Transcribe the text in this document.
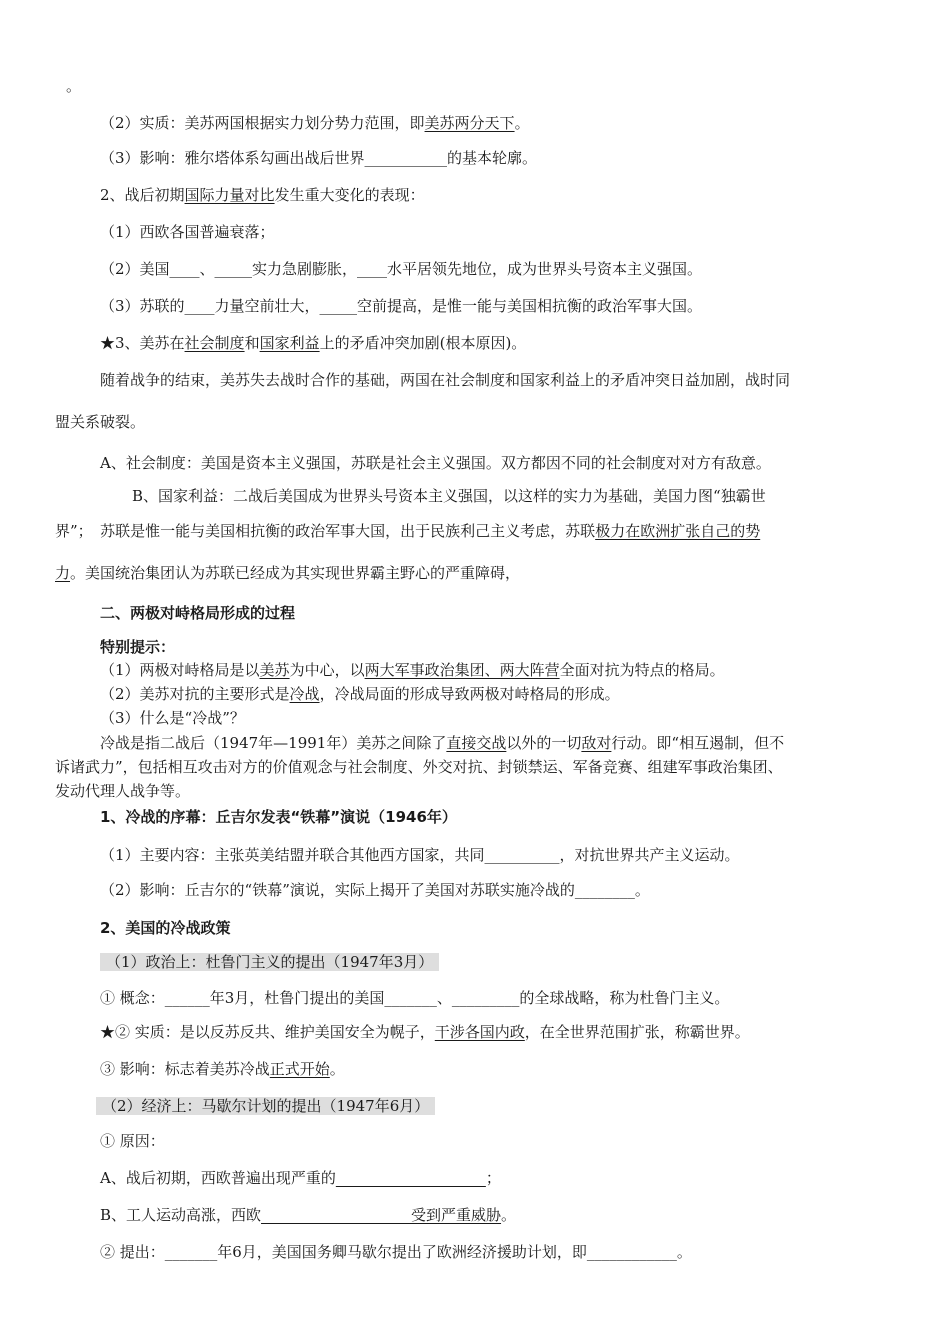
。
（2）实质：美苏两国根据实力划分势力范围，即美苏两分天下。
（3）影响：雅尔塔体系勾画出战后世界___________的基本轮廓。
2、战后初期国际力量对比发生重大变化的表现：
（1）西欧各国普遍衰落；
（2）美国____、_____实力急剧膨胀，____水平居领先地位，成为世界头号资本主义强国。
（3）苏联的____力量空前壮大，_____空前提高，是惟一能与美国相抗衡的政治军事大国。
★3、美苏在社会制度和国家利益上的矛盾冲突加剧(根本原因)。
随着战争的结束，美苏失去战时合作的基础，两国在社会制度和国家利益上的矛盾冲突日益加剧，战时同
盟关系破裂。
A、社会制度：美国是资本主义强国，苏联是社会主义强国。双方都因不同的社会制度对对方有敌意。
B、国家利益：二战后美国成为世界头号资本主义强国，以这样的实力为基础，美国力图“独霸世
界”；　苏联是惟一能与美国相抗衡的政治军事大国，出于民族利己主义考虑，苏联极力在欧洲扩张自己的势
力。美国统治集团认为苏联已经成为其实现世界霸主野心的严重障碍，
二、两极对峙格局形成的过程
特别提示：
（1）两极对峙格局是以美苏为中心，以两大军事政治集团、两大阵营全面对抗为特点的格局。
（2）美苏对抗的主要形式是冷战，冷战局面的形成导致两极对峙格局的形成。
（3）什么是“冷战”？
冷战是指二战后（1947年—1991年）美苏之间除了直接交战以外的一切敌对行动。即“相互遏制，但不
诉诸武力”，包括相互攻击对方的价值观念与社会制度、外交对抗、封锁禁运、军备竞赛、组建军事政治集团、
发动代理人战争等。
1、冷战的序幕：丘吉尔发表“铁幕”演说（1946年）
（1）主要内容：主张英美结盟并联合其他西方国家，共同__________，对抗世界共产主义运动。
（2）影响：丘吉尔的“铁幕”演说，实际上揭开了美国对苏联实施冷战的________。
2、美国的冷战政策
（1）政治上：杜鲁门主义的提出（1947年3月）
① 概念：______年3月，杜鲁门提出的美国_______、_________的全球战略，称为杜鲁门主义。
★② 实质：是以反苏反共、维护美国安全为幌子，干涉各国内政，在全世界范围扩张，称霸世界。
③ 影响：标志着美苏冷战正式开始。
（2）经济上：马歇尔计划的提出（1947年6月）
① 原因：
A、战后初期，西欧普遍出现严重的　　　　　　　　　　	；
B、工人运动高涨，西欧　　　　　　　　　　受到严重威胁。
② 提出：_______年6月，美国国务卿马歇尔提出了欧洲经济援助计划，即____________。
